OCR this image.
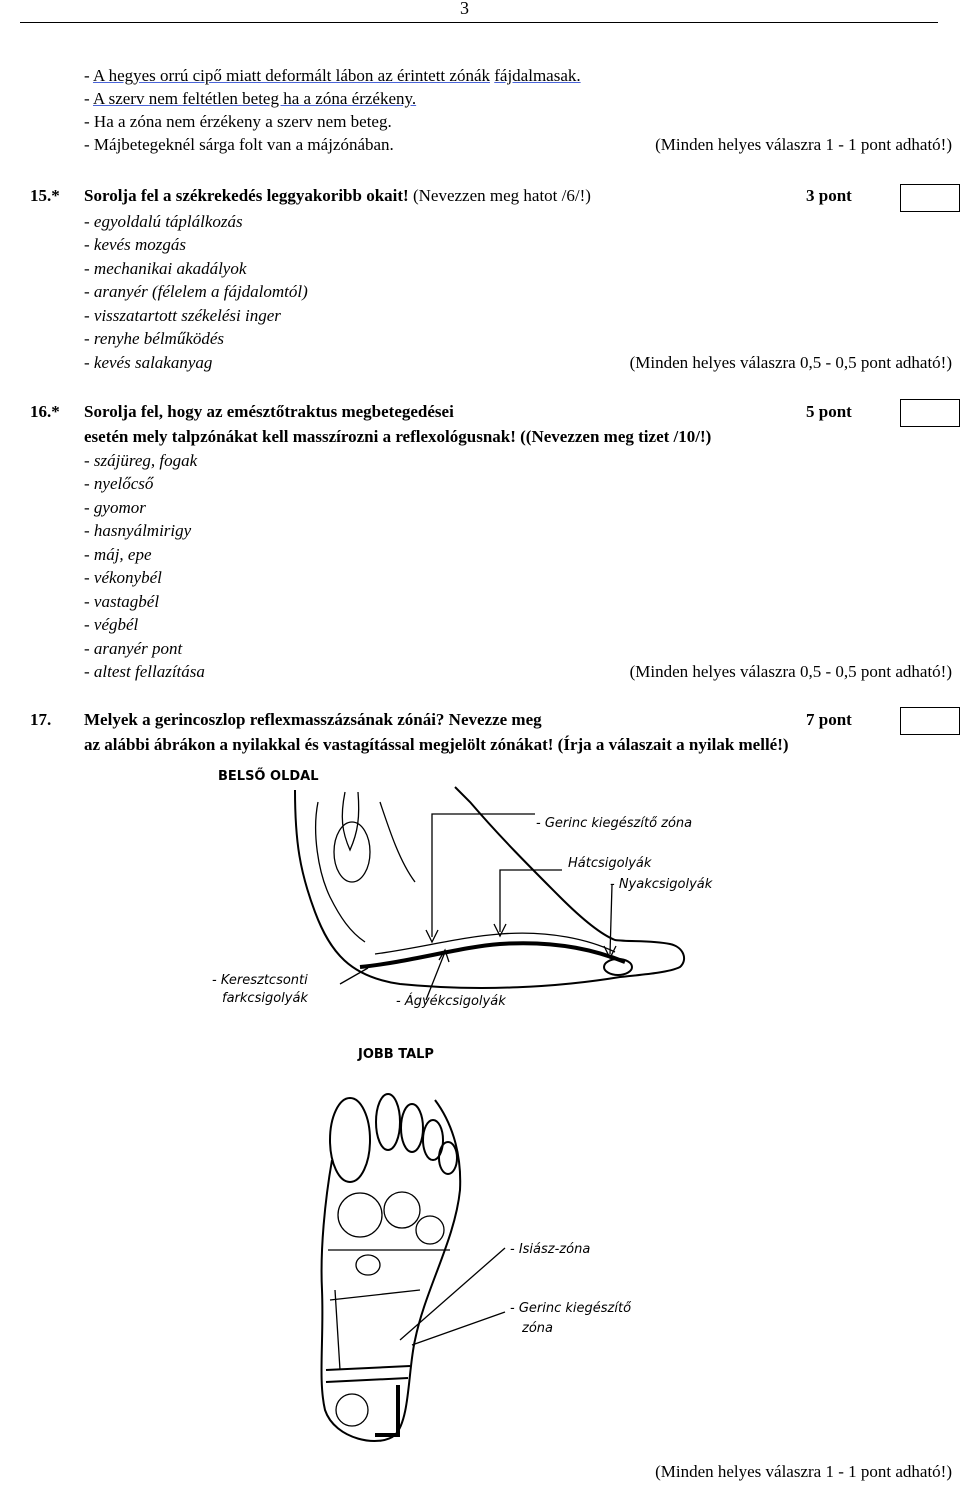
3
- A hegyes orrú cipő miatt deformált lábon az érintett zónák fájdalmasak.
- A szerv nem feltétlen beteg ha a zóna érzékeny.
- Ha a zóna nem érzékeny a szerv nem beteg.
- Májbetegeknél sárga folt van a májzónában.	(Minden helyes válaszra 1 - 1 pont adható!)
15.* Sorolja fel a székrekedés leggyakoribb okait! (Nevezzen meg hatot /6/!)	3 pont
- egyoldalú táplálkozás
- kevés mozgás
- mechanikai akadályok
- aranyér (félelem a fájdalomtól)
- visszatartott székelési inger
- renyhe bélműködés
- kevés salakanyag	(Minden helyes válaszra 0,5 - 0,5 pont adható!)
16.* Sorolja fel, hogy az emésztőtraktus megbetegedései	5 pont
esetén mely talpzónákat kell masszírozni a reflexológusnak! ((Nevezzen meg tizet /10/!)
- szájüreg, fogak
- nyelőcső
- gyomor
- hasnyálmirigy
- máj, epe
- vékonybél
- vastagbél
- végbél
- aranyér pont
- altest fellazítása	(Minden helyes válaszra 0,5 - 0,5 pont adható!)
17. Melyek a gerincoszlop reflexmasszázsának zónái? Nevezze meg	7 pont
az alábbi ábrákon a nyilakkal és vastagítással megjelölt zónákat! (Írja a válaszait a nyilak mellé!)
BELSŐ OLDAL
- Gerinc kiegészítő zóna
Hátcsigolyák
- Nyakcsigolyák
- Keresztcsonti
farkcsigolyák	- Ágyékcsigolyák
JOBB TALP
- Isiász-zóna
- Gerinc kiegészítő
zóna
(Minden helyes válaszra 1 - 1 pont adható!)
